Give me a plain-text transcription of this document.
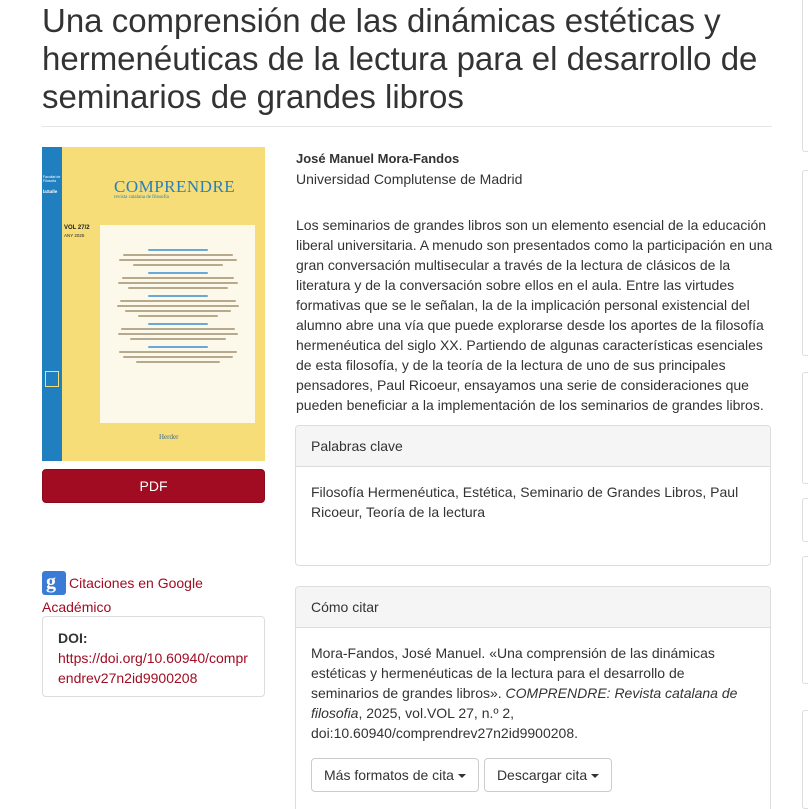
Una comprensión de las dinámicas estéticas y hermenéuticas de la lectura para el desarrollo de seminarios de grandes libros
Facultat de Filosofia
laSalle	COMPRENDRE
revista catalana de filosofia
VOL 27/2
ANY 2025
Herder
PDF
g Citaciones en Google Académico
DOI:
https://doi.org/10.60940/comprendrev27n2id9900208
José Manuel Mora-Fandos
Universidad Complutense de Madrid
Los seminarios de grandes libros son un elemento esencial de la educación liberal universitaria. A menudo son presentados como la participación en una gran conversación multisecular a través de la lectura de clásicos de la literatura y de la conversación sobre ellos en el aula. Entre las virtudes formativas que se le señalan, la de la implicación personal existencial del alumno abre una vía que puede explorarse desde los aportes de la filosofía hermenéutica del siglo XX. Partiendo de algunas características esenciales de esta filosofía, y de la teoría de la lectura de uno de sus principales pensadores, Paul Ricoeur, ensayamos una serie de consideraciones que pueden beneficiar a la implementación de los seminarios de grandes libros.
Palabras clave
Filosofía Hermenéutica, Estética, Seminario de Grandes Libros, Paul Ricoeur, Teoría de la lectura
Cómo citar
Mora-Fandos, José Manuel. «Una comprensión de las dinámicas estéticas y hermenéuticas de la lectura para el desarrollo de seminarios de grandes libros». COMPRENDRE: Revista catalana de filosofia, 2025, vol.VOL 27, n.º 2, doi:10.60940/comprendrev27n2id9900208.
Más formatos de cita	Descargar cita
